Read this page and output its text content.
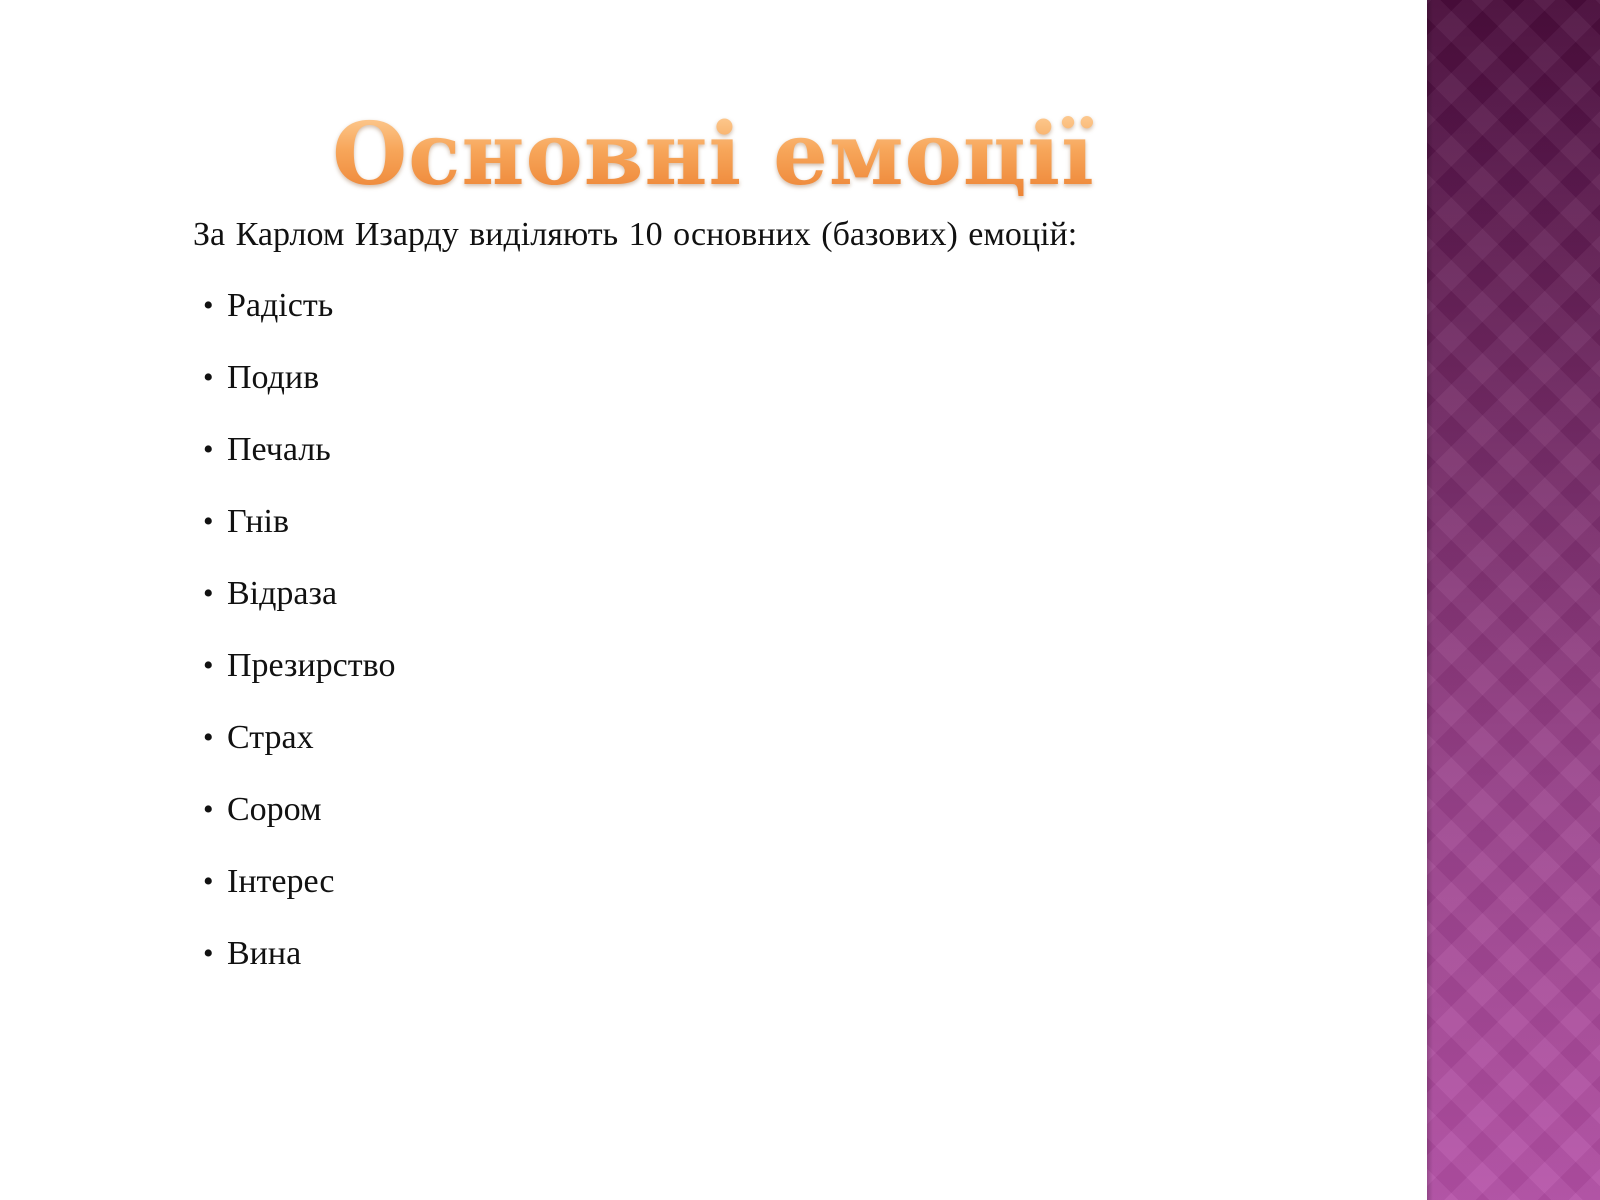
Основні емоції

За Карлом Изарду виділяють 10 основних (базових) емоцій:

• Радість
• Подив
• Печаль
• Гнів
• Відраза
• Презирство
• Страх
• Сором
• Інтерес
• Вина
